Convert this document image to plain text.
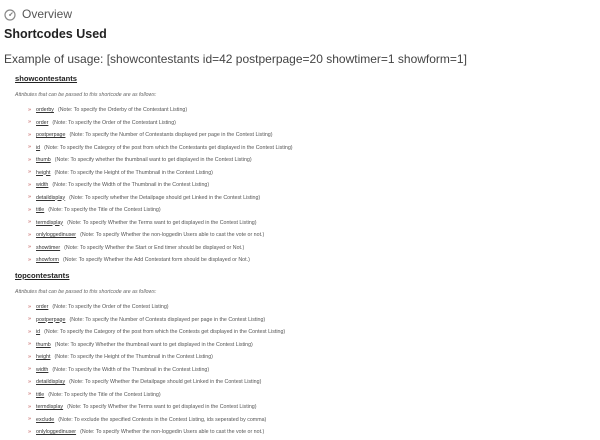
Overview
Shortcodes Used
Example of usage: [showcontestants id=42 postperpage=20 showtimer=1 showform=1]
showcontestants
Attributes that can be passed to this shortcode are as follows:
» orderby (Note: To specify the Orderby of the Contestant Listing)
» order (Note: To specify the Order of the Contestant Listing)
» postperpage (Note: To specify the Number of Contestants displayed per page in the Contest Listing)
» id (Note: To specify the Category of the post from which the Contestants get displayed in the Contest Listing)
» thumb (Note: To specify whether the thumbnail want to get displayed in the Contest Listing)
» height (Note: To specify the Height of the Thumbnail in the Contest Listing)
» width (Note: To specify the Width of the Thumbnail in the Contest Listing)
» detaildisplay (Note: To specify whether the Detailpage should get Linked in the Contest Listing)
» title (Note: To specify the Title of the Contest Listing)
» termdisplay (Note: To specify Whether the Terms want to get displayed in the Contest Listing)
» onlyloggedinuser (Note: To specify Whether the non-loggedin Users able to cast the vote or not.)
» showtimer (Note: To specify Whether the Start or End timer should be displayed or Not.)
» showform (Note: To specify Whether the Add Contestant form should be displayed or Not.)
topcontestants
Attributes that can be passed to this shortcode are as follows:
» order (Note: To specify the Order of the Contest Listing)
» postperpage (Note: To specify the Number of Contests displayed per page in the Contest Listing)
» id (Note: To specify the Category of the post from which the Contests get displayed in the Contest Listing)
» thumb (Note: To specify Whether the thumbnail want to get displayed in the Contest Listing)
» height (Note: To specify the Height of the Thumbnail in the Contest Listing)
» width (Note: To specify the Width of the Thumbnail in the Contest Listing)
» detaildisplay (Note: To specify Whether the Detailpage should get Linked in the Contest Listing)
» title (Note: To specify the Title of the Contest Listing)
» termdisplay (Note: To specify Whether the Terms want to get displayed in the Contest Listing)
» exclude (Note: To exclude the specified Contests in the Contest Listing, ids seperated by comma)
» onlyloggedinuser (Note: To specify Whether the non-loggedin Users able to cast the vote or not.)
